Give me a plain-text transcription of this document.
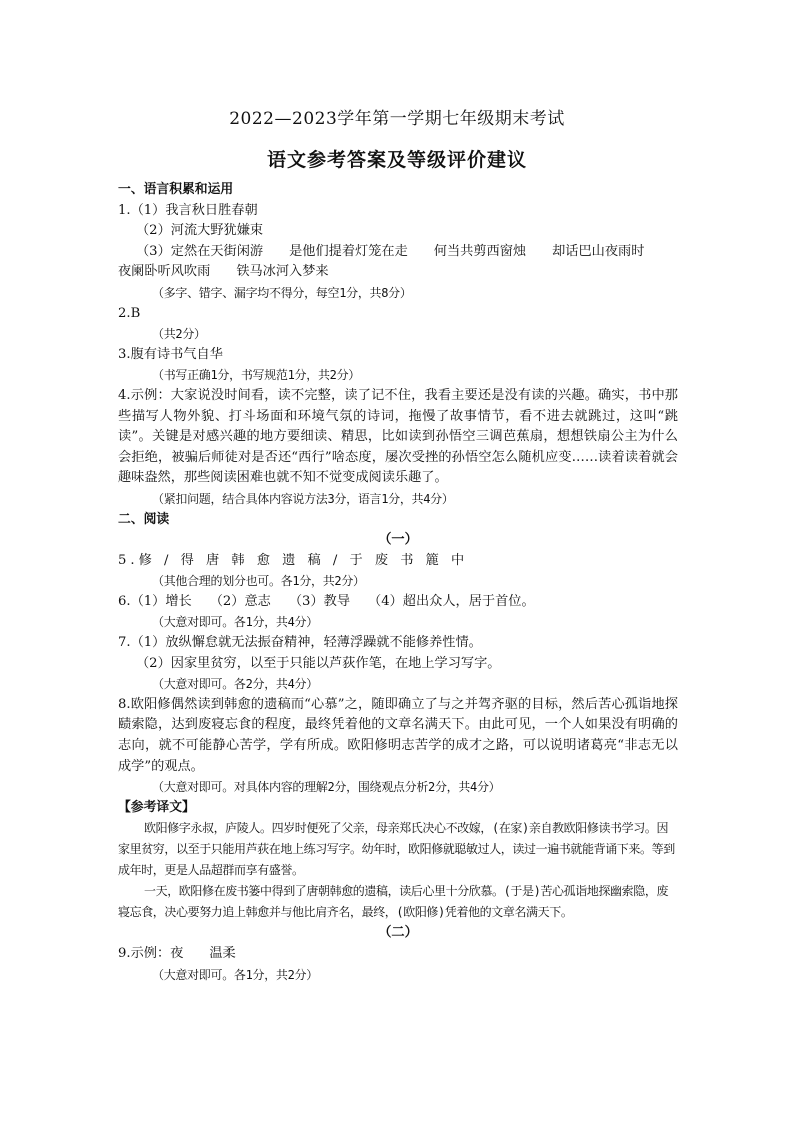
2022—2023学年第一学期七年级期末考试
语文参考答案及等级评价建议
一、语言积累和运用
1.（1）我言秋日胜春朝
（2）河流大野犹嫌束
（3）定然在天街闲游 是他们提着灯笼在走 何当共剪西窗烛 却话巴山夜雨时
夜阑卧听风吹雨 铁马冰河入梦来
（多字、错字、漏字均不得分，每空1分，共8分）
2.B
（共2分）
3.腹有诗书气自华
（书写正确1分，书写规范1分，共2分）
4.示例：大家说没时间看，读不完整，读了记不住，我看主要还是没有读的兴趣。确实，书中那些描写人物外貌、打斗场面和环境气氛的诗词，拖慢了故事情节，看不进去就跳过，这叫“跳读”。关键是对感兴趣的地方要细读、精思，比如读到孙悟空三调芭蕉扇，想想铁扇公主为什么会拒绝，被骗后师徒对是否还“西行”啥态度，屡次受挫的孙悟空怎么随机应变……读着读着就会趣味盎然，那些阅读困难也就不知不觉变成阅读乐趣了。
（紧扣问题，结合具体内容说方法3分，语言1分，共4分）
二、阅读
（一）
5.修 / 得 唐 韩 愈 遗 稿 / 于 废 书 簏 中
（其他合理的划分也可。各1分，共2分）
6.（1）增长 （2）意志 （3）教导 （4）超出众人，居于首位。
（大意对即可。各1分，共4分）
7.（1）放纵懈怠就无法振奋精神，轻薄浮躁就不能修养性情。
（2）因家里贫穷，以至于只能以芦荻作笔，在地上学习写字。
（大意对即可。各2分，共4分）
8.欧阳修偶然读到韩愈的遗稿而“心慕”之，随即确立了与之并驾齐驱的目标，然后苦心孤诣地探赜索隐，达到废寝忘食的程度，最终凭着他的文章名满天下。由此可见，一个人如果没有明确的志向，就不可能静心苦学，学有所成。欧阳修明志苦学的成才之路，可以说明诸葛亮“非志无以成学”的观点。
（大意对即可。对具体内容的理解2分，围绕观点分析2分，共4分）
【参考译文】
欧阳修字永叔，庐陵人。四岁时便死了父亲，母亲郑氏决心不改嫁，(在家)亲自教欧阳修读书学习。因家里贫穷，以至于只能用芦荻在地上练习写字。幼年时，欧阳修就聪敏过人，读过一遍书就能背诵下来。等到成年时，更是人品超群而享有盛誉。
一天，欧阳修在废书篓中得到了唐朝韩愈的遗稿，读后心里十分欣慕。(于是)苦心孤诣地探幽索隐，废寝忘食，决心要努力追上韩愈并与他比肩齐名，最终，(欧阳修)凭着他的文章名满天下。
（二）
9.示例：夜 温柔
（大意对即可。各1分，共2分）
